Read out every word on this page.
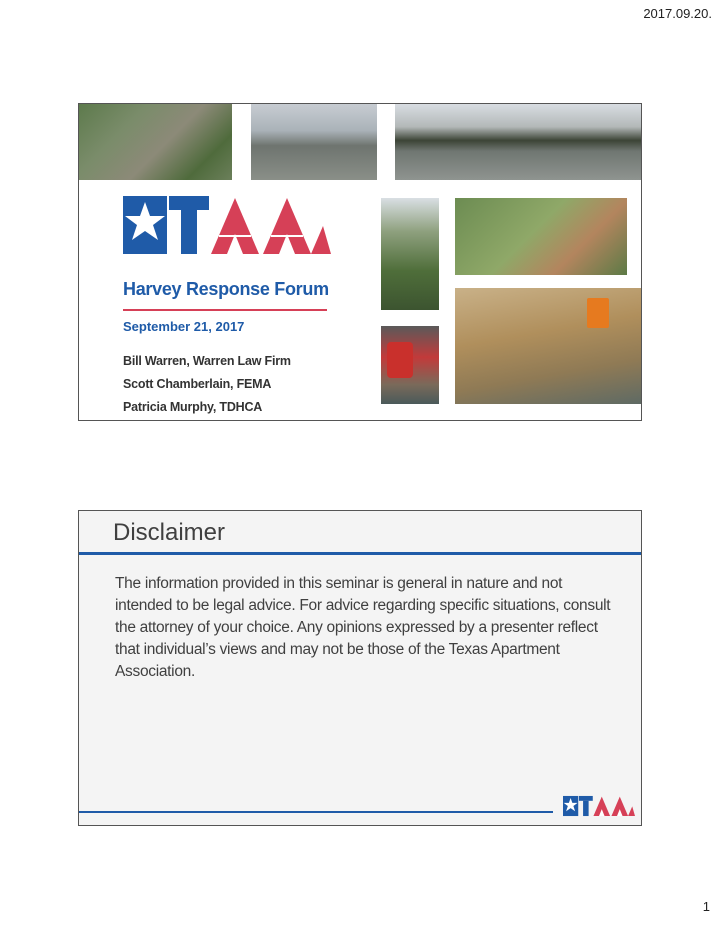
2017.09.20.
Harvey Response Forum
September 21, 2017
Bill Warren, Warren Law Firm
Scott Chamberlain, FEMA
Patricia Murphy, TDHCA
Disclaimer

The information provided in this seminar is general in nature and not intended to be legal advice. For advice regarding specific situations, consult the attorney of your choice. Any opinions expressed by a presenter reflect that individual’s views and may not be those of the Texas Apartment Association.

1
